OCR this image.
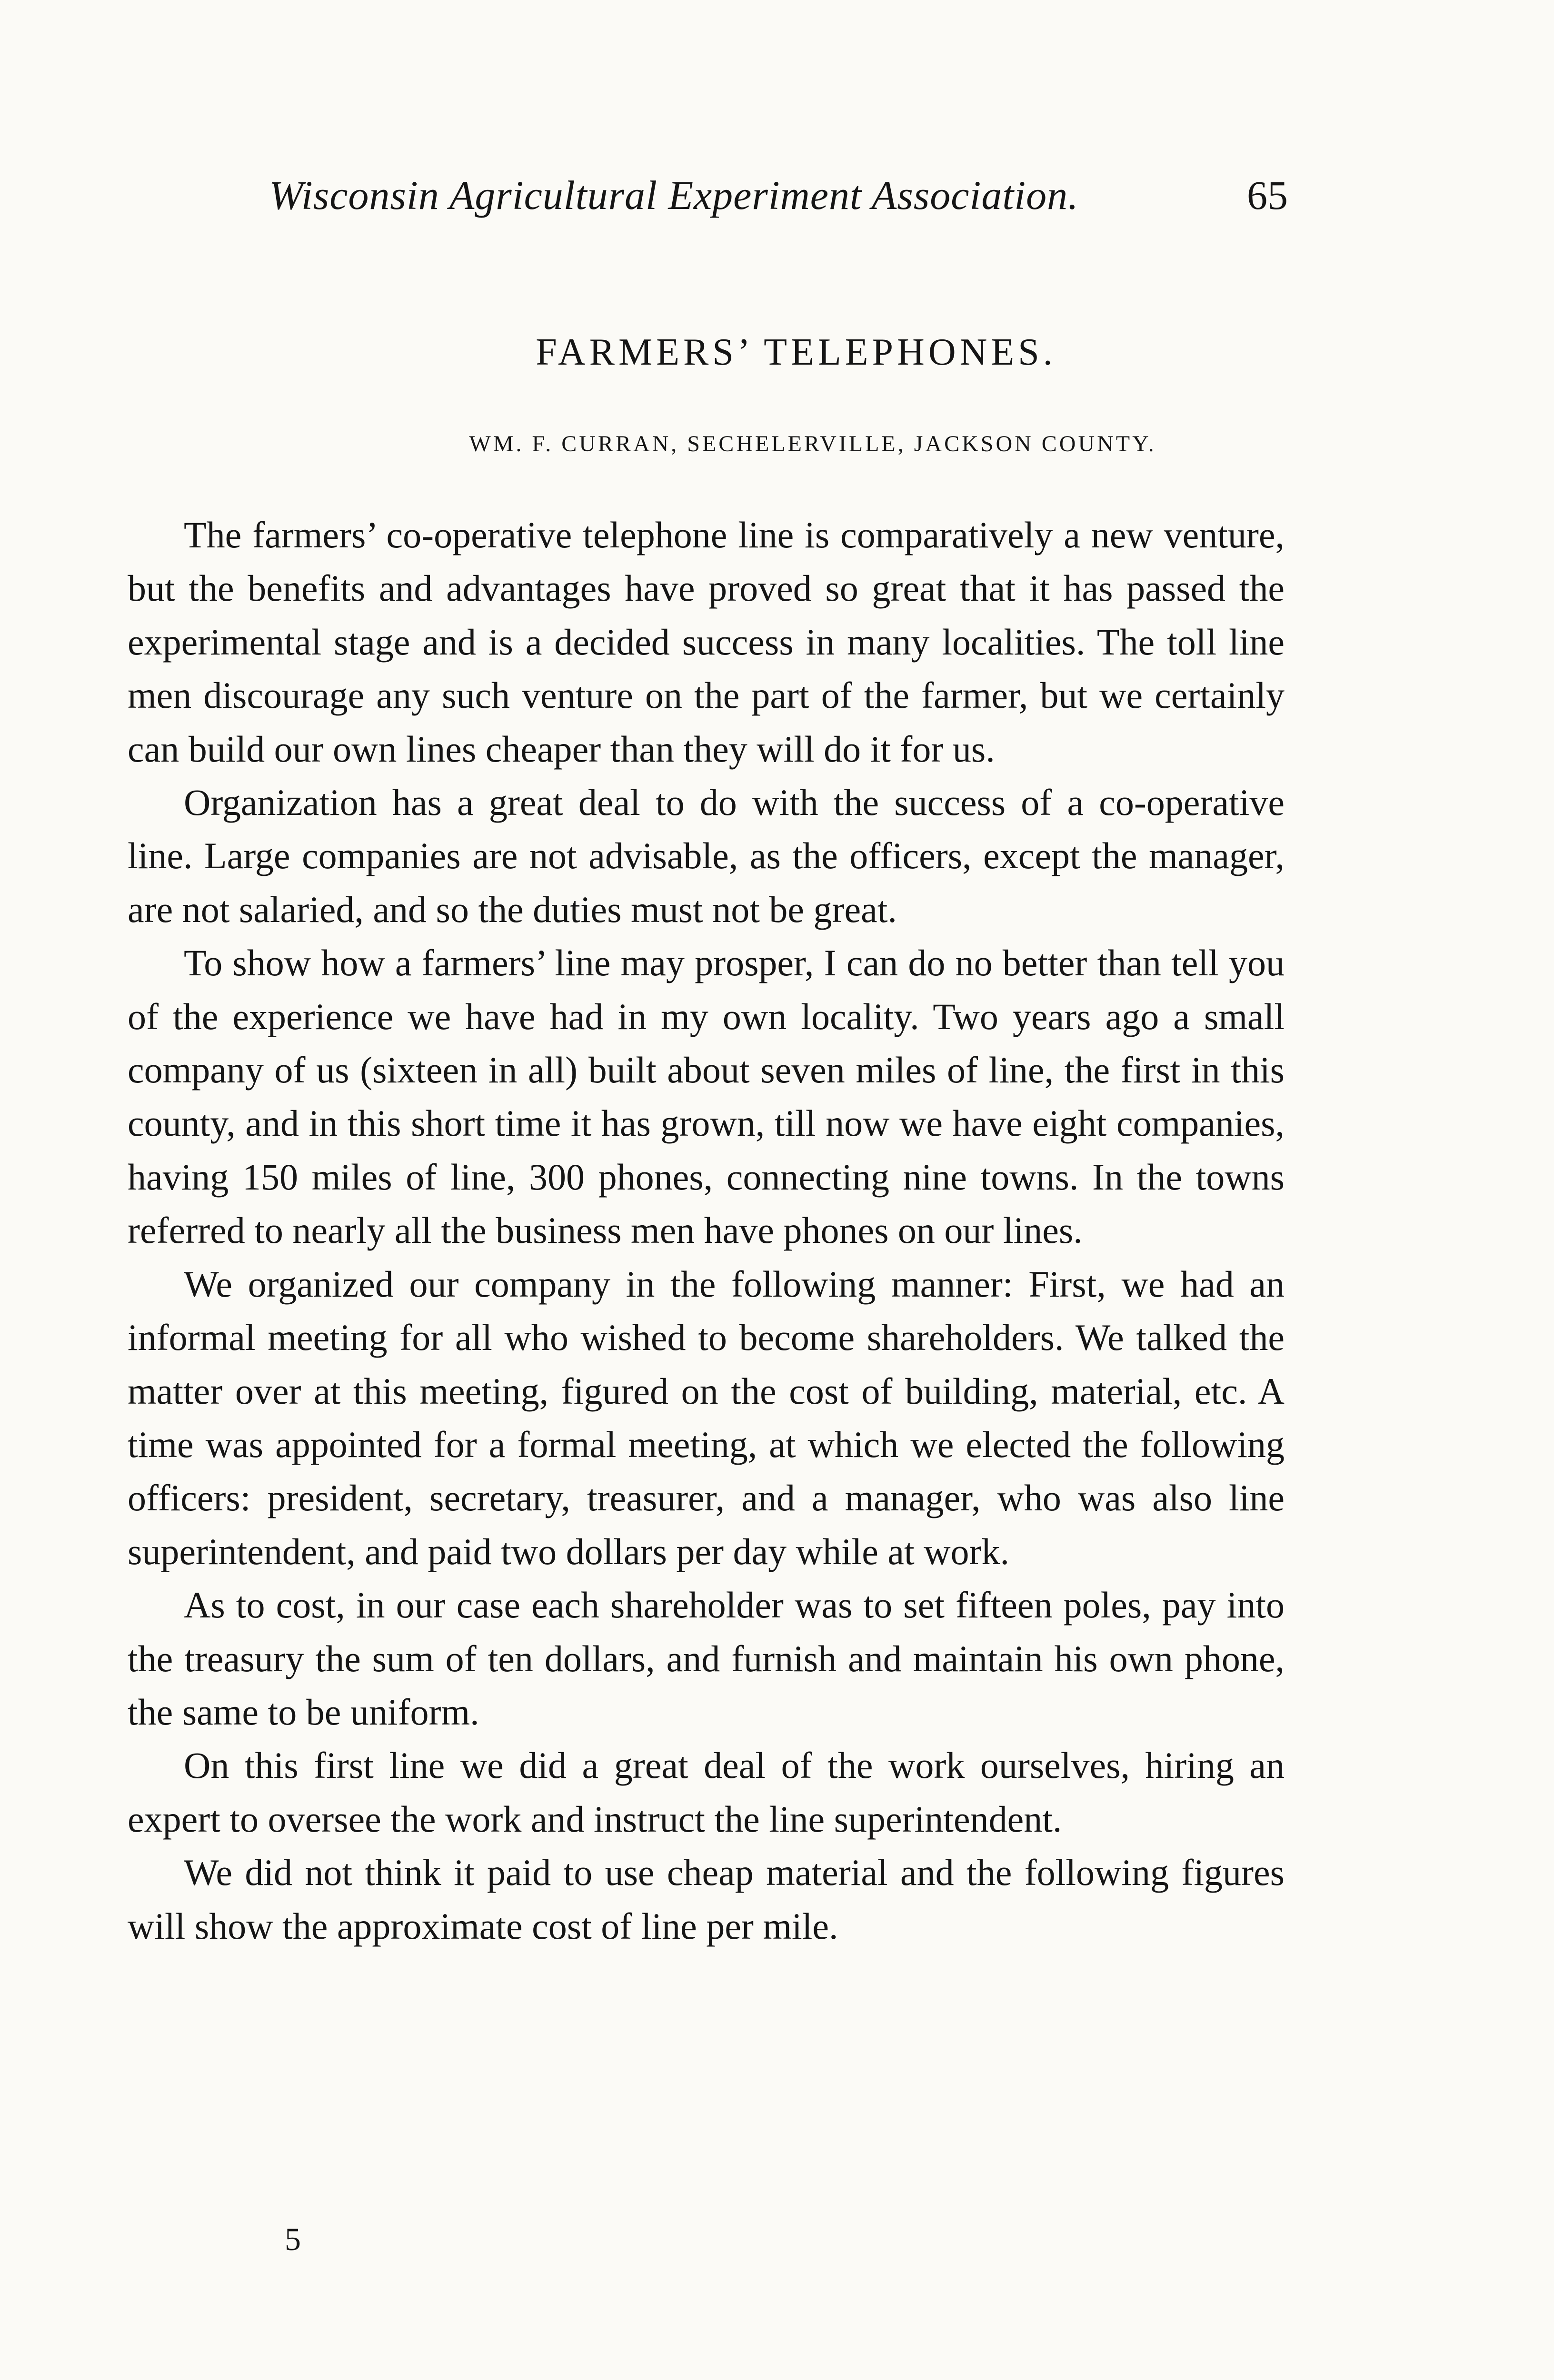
Wisconsin Agricultural Experiment Association.	65
FARMERS’ TELEPHONES.
WM. F. CURRAN, SECHELERVILLE, JACKSON COUNTY.

The farmers’ co-operative telephone line is comparatively a new venture, but the benefits and advantages have proved so great that it has passed the experimental stage and is a decided success in many localities. The toll line men discourage any such venture on the part of the farmer, but we certainly can build our own lines cheaper than they will do it for us.

Organization has a great deal to do with the success of a co-operative line. Large companies are not advisable, as the officers, except the manager, are not salaried, and so the duties must not be great.

To show how a farmers’ line may prosper, I can do no better than tell you of the experience we have had in my own locality. Two years ago a small company of us (sixteen in all) built about seven miles of line, the first in this county, and in this short time it has grown, till now we have eight companies, having 150 miles of line, 300 phones, connecting nine towns. In the towns referred to nearly all the business men have phones on our lines.

We organized our company in the following manner: First, we had an informal meeting for all who wished to become shareholders. We talked the matter over at this meeting, figured on the cost of building, material, etc. A time was appointed for a formal meeting, at which we elected the following officers: president, secretary, treasurer, and a manager, who was also line superintendent, and paid two dollars per day while at work.

As to cost, in our case each shareholder was to set fifteen poles, pay into the treasury the sum of ten dollars, and furnish and maintain his own phone, the same to be uniform.

On this first line we did a great deal of the work ourselves, hiring an expert to oversee the work and instruct the line superintendent.

We did not think it paid to use cheap material and the following figures will show the approximate cost of line per mile.

5
